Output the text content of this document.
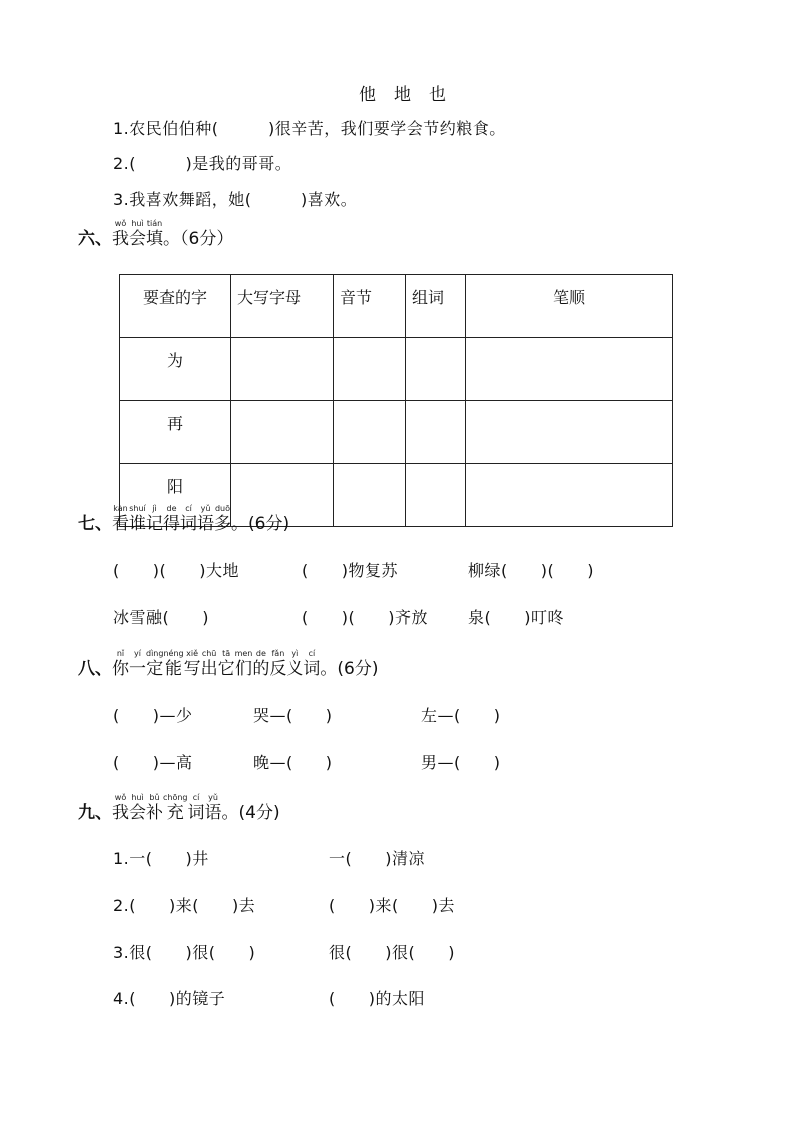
他 地 也
1.农民伯伯种(　　　)很辛苦，我们要学会节约粮食。
2.(　　　)是我的哥哥。
3.我喜欢舞蹈，她(　　　)喜欢。
六、
wǒ
我
huì
会
tián
填 。（6分）
要查的字	大写字母	音节	组词	笔顺
为				
再				
阳				
七、
kàn
看
shuí
谁
jì
记
de
得
cí
词
yǔ
语
duō
多 。(6分)
(　　)(　　)大地	(　　)物复苏	柳绿(　　)(　　)
冰雪融(　　)	(　　)(　　)齐放	泉(　　)叮咚
八、
nǐ
你
yí
一
dìng
定
néng
能
xiě
写
chū
出
tā
它
men
们
de
的
fǎn
反
yì
义
cí
词 。(6分)
(　　)—少	哭—(　　)	左—(　　)
(　　)—高	晚—(　　)	男—(　　)
九、
wǒ
我
huì
会
bǔ
补
chōng
充
cí
词
yǔ
语 。(4分)
1.一(　　)井	一(　　)清凉
2.(　　)来(　　)去	(　　)来(　　)去
3.很(　　)很(　　)	很(　　)很(　　)
4.(　　)的镜子	(　　)的太阳
